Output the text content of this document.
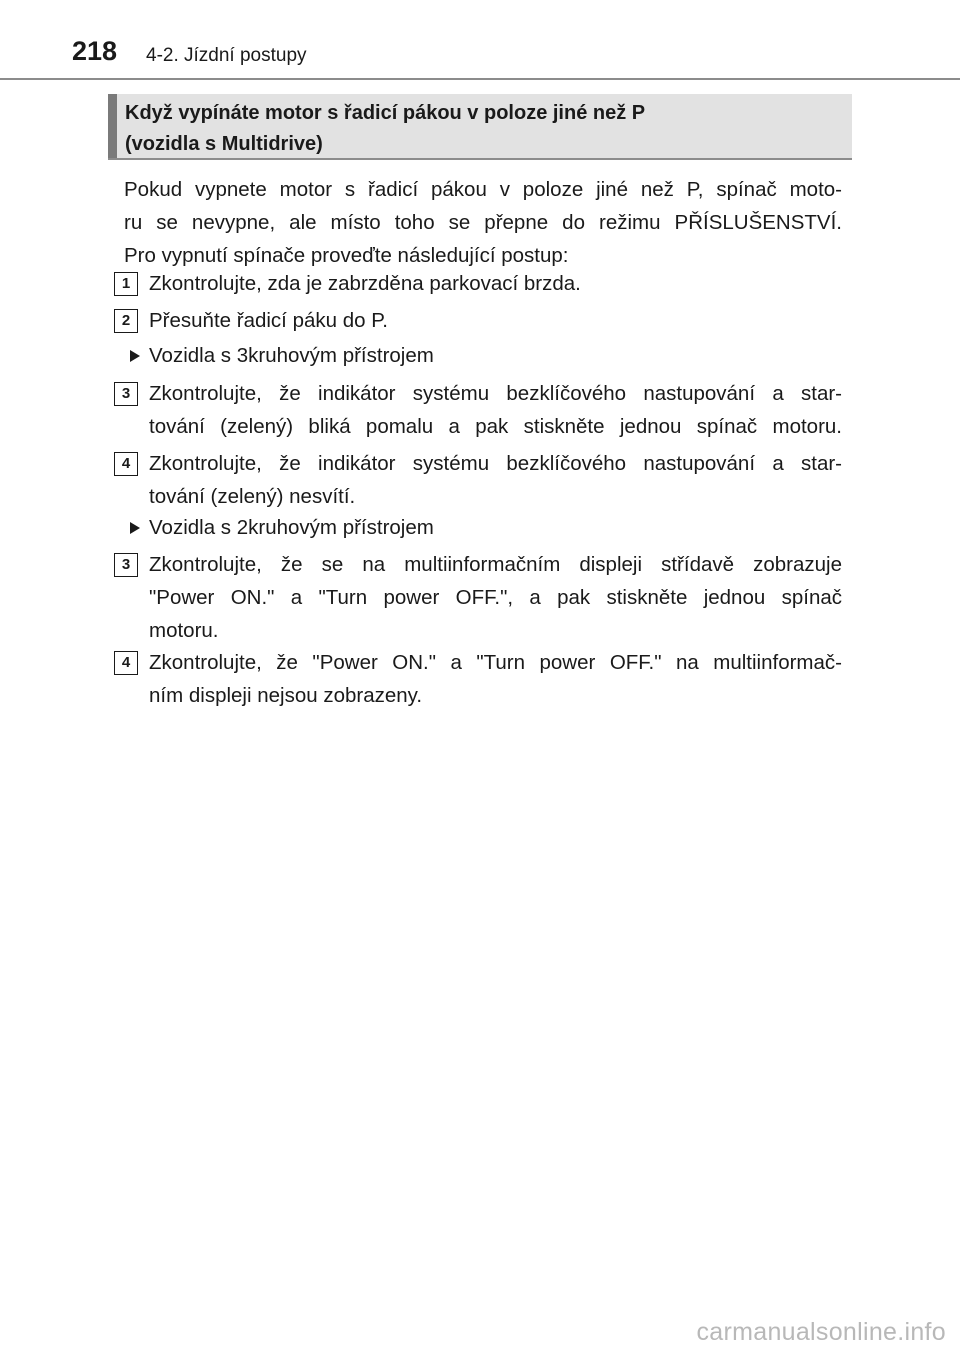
218 4-2. Jízdní postupy
Když vypínáte motor s řadicí pákou v poloze jiné než P
(vozidla s Multidrive)
Pokud vypnete motor s řadicí pákou v poloze jiné než P, spínač moto-
ru se nevypne, ale místo toho se přepne do režimu PŘÍSLUŠENSTVÍ.
Pro vypnutí spínače proveďte následující postup:
1 Zkontrolujte, zda je zabrzděna parkovací brzda.
2 Přesuňte řadicí páku do P.
Vozidla s 3kruhovým přístrojem
3 Zkontrolujte, že indikátor systému bezklíčového nastupování a star-
tování (zelený) bliká pomalu a pak stiskněte jednou spínač motoru.
4 Zkontrolujte, že indikátor systému bezklíčového nastupování a star-
tování (zelený) nesvítí.
Vozidla s 2kruhovým přístrojem
3 Zkontrolujte, že se na multiinformačním displeji střídavě zobrazuje
"Power ON." a "Turn power OFF.", a pak stiskněte jednou spínač
motoru.
4 Zkontrolujte, že "Power ON." a "Turn power OFF." na multiinformač-
ním displeji nejsou zobrazeny.
carmanualsonline.info
